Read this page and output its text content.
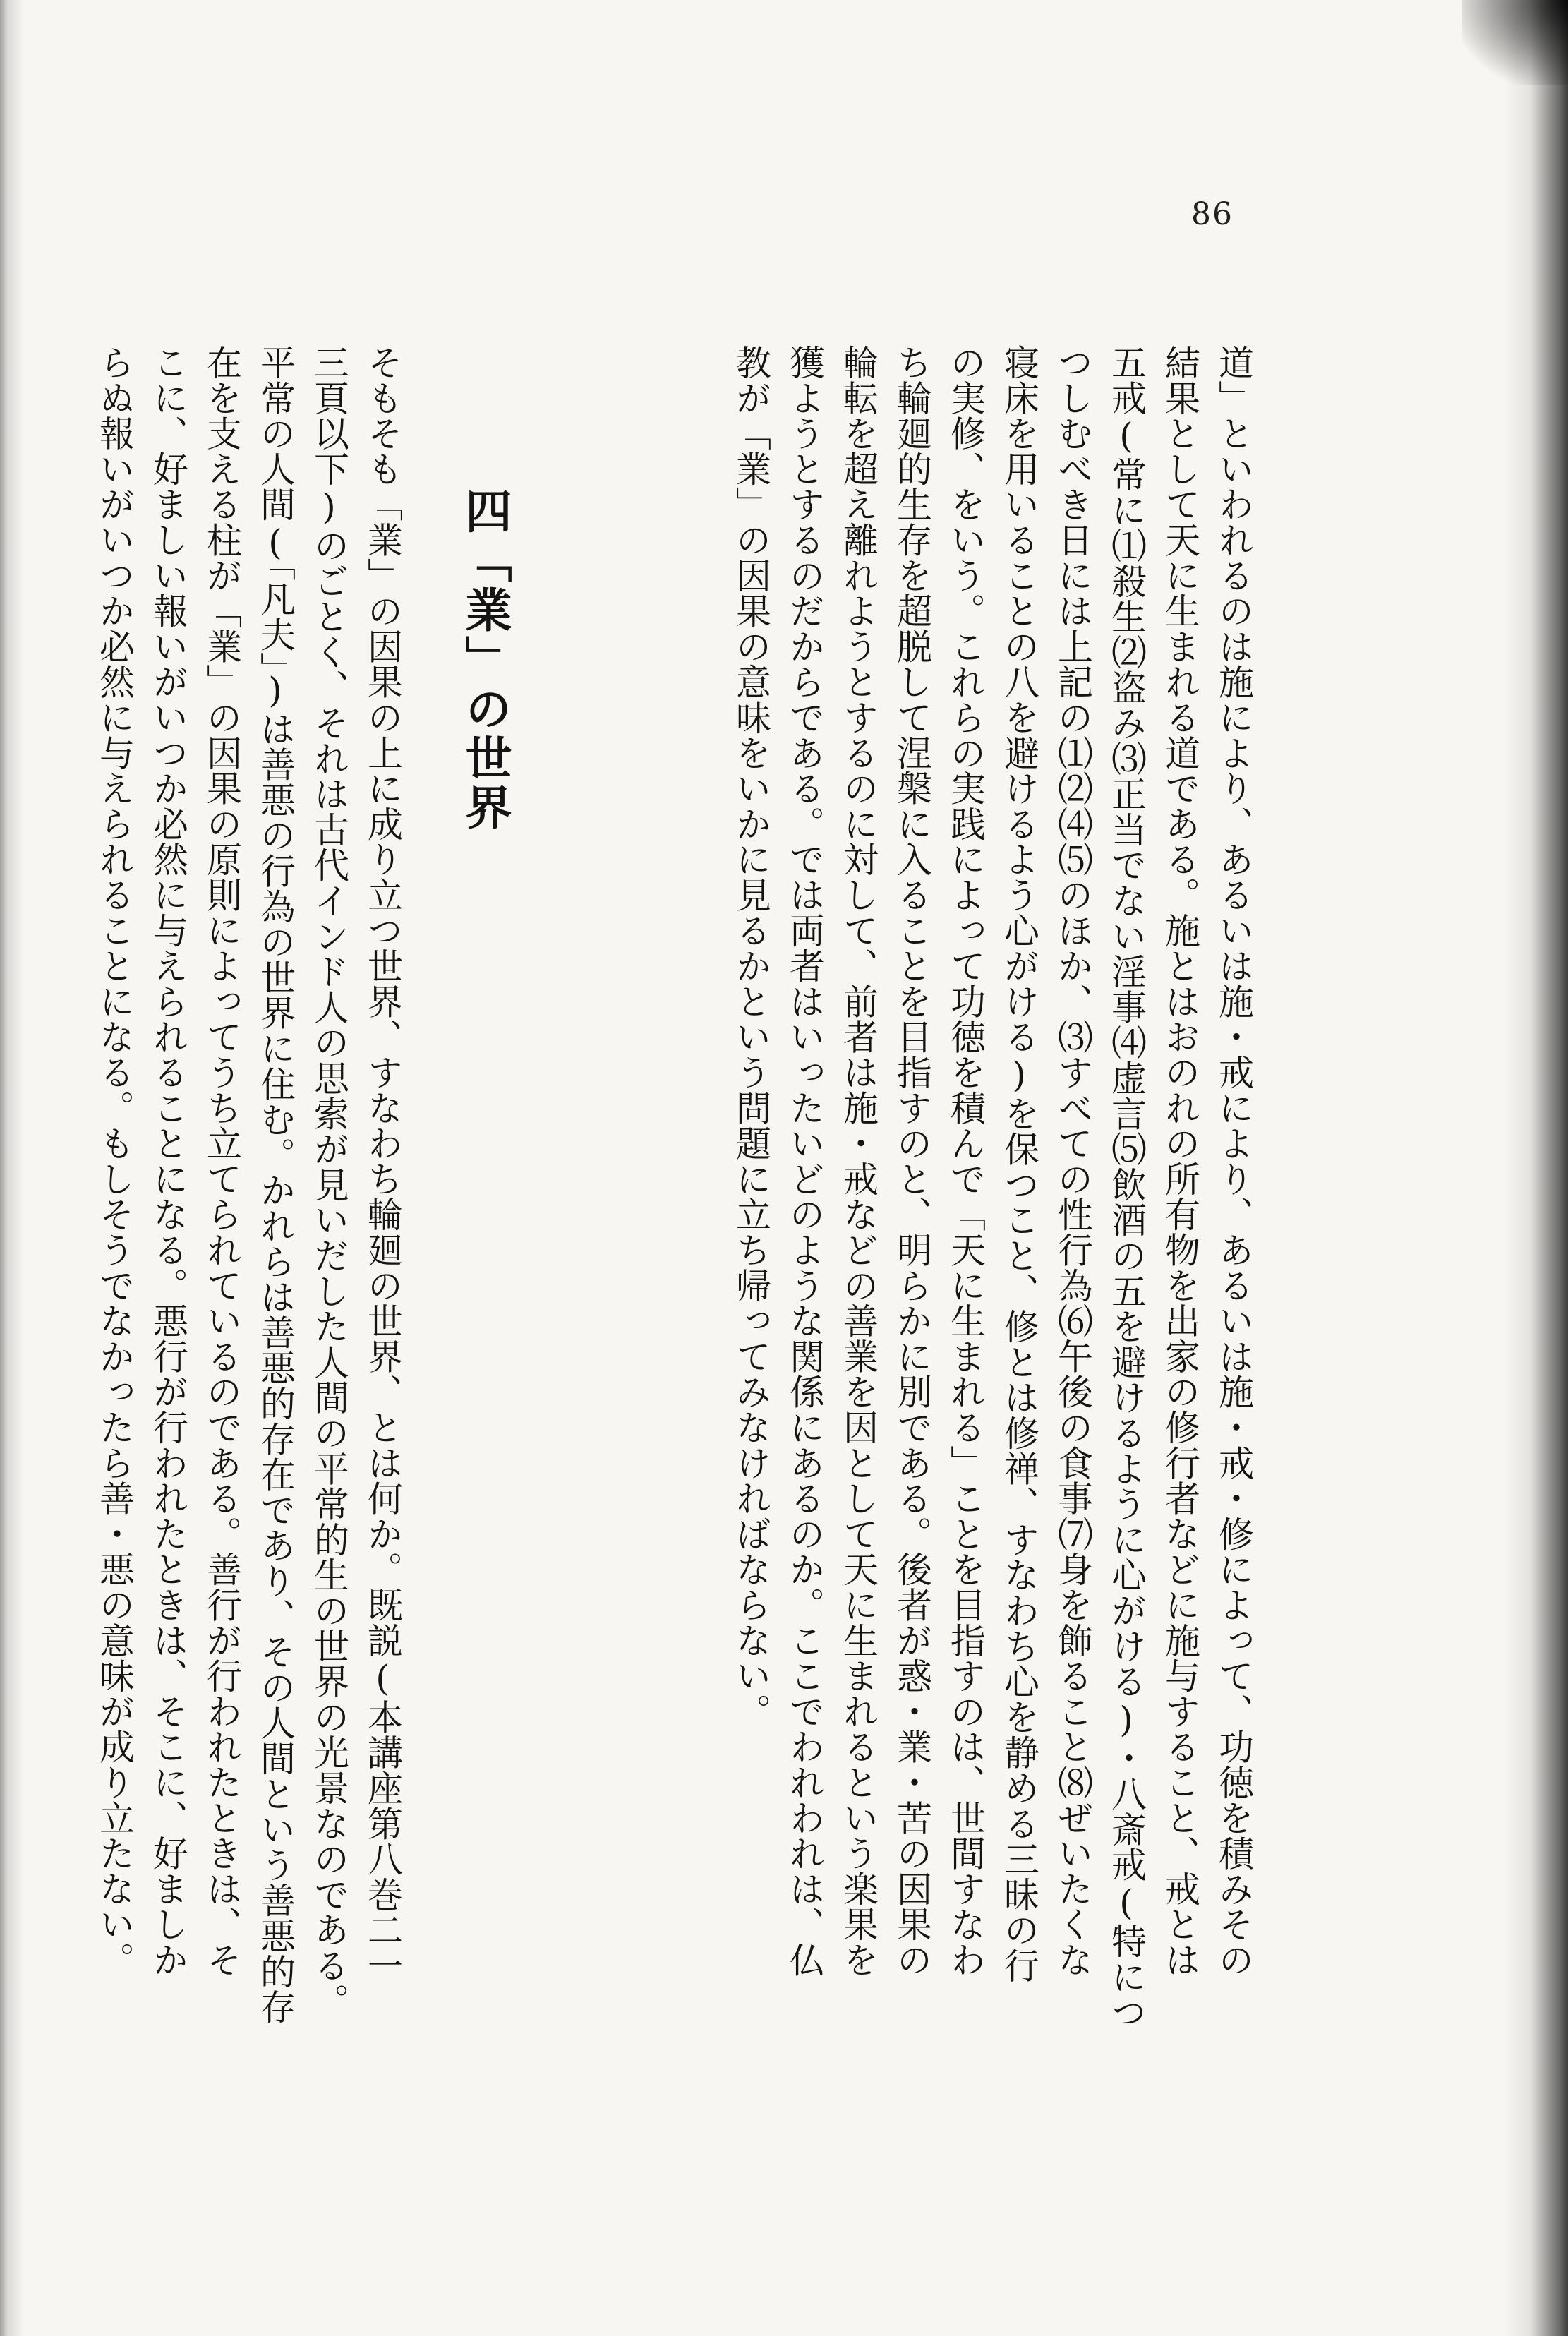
86
道」といわれるのは施により、あるいは施・戒により、あるいは施・戒・修によって、功徳を積みその
結果として天に生まれる道である。施とはおのれの所有物を出家の修行者などに施与すること、戒とは
五戒(常に⑴殺生⑵盗み⑶正当でない淫事⑷虚言⑸飲酒の五を避けるように心がける)・八斎戒(特につ
つしむべき日には上記の⑴⑵⑷⑸のほか、⑶すべての性行為⑹午後の食事⑺身を飾ること⑻ぜいたくな
寝床を用いることの八を避けるよう心がける)を保つこと、修とは修禅、すなわち心を静める三昧の行
の実修、をいう。これらの実践によって功徳を積んで「天に生まれる」ことを目指すのは、世間すなわ
ち輪廻的生存を超脱して涅槃に入ることを目指すのと、明らかに別である。後者が惑・業・苦の因果の
輪転を超え離れようとするのに対して、前者は施・戒などの善業を因として天に生まれるという楽果を
獲ようとするのだからである。では両者はいったいどのような関係にあるのか。ここでわれわれは、仏
教が「業」の因果の意味をいかに見るかという問題に立ち帰ってみなければならない。
四「業」の世界
そもそも「業」の因果の上に成り立つ世界、すなわち輪廻の世界、とは何か。既説(本講座第八巻二一
三頁以下)のごとく、それは古代インド人の思索が見いだした人間の平常的生の世界の光景なのである。
平常の人間(「凡夫」)は善悪の行為の世界に住む。かれらは善悪的存在であり、その人間という善悪的存
在を支える柱が「業」の因果の原則によってうち立てられているのである。善行が行われたときは、そ
こに、好ましい報いがいつか必然に与えられることになる。悪行が行われたときは、そこに、好ましか
らぬ報いがいつか必然に与えられることになる。もしそうでなかったら善・悪の意味が成り立たない。
